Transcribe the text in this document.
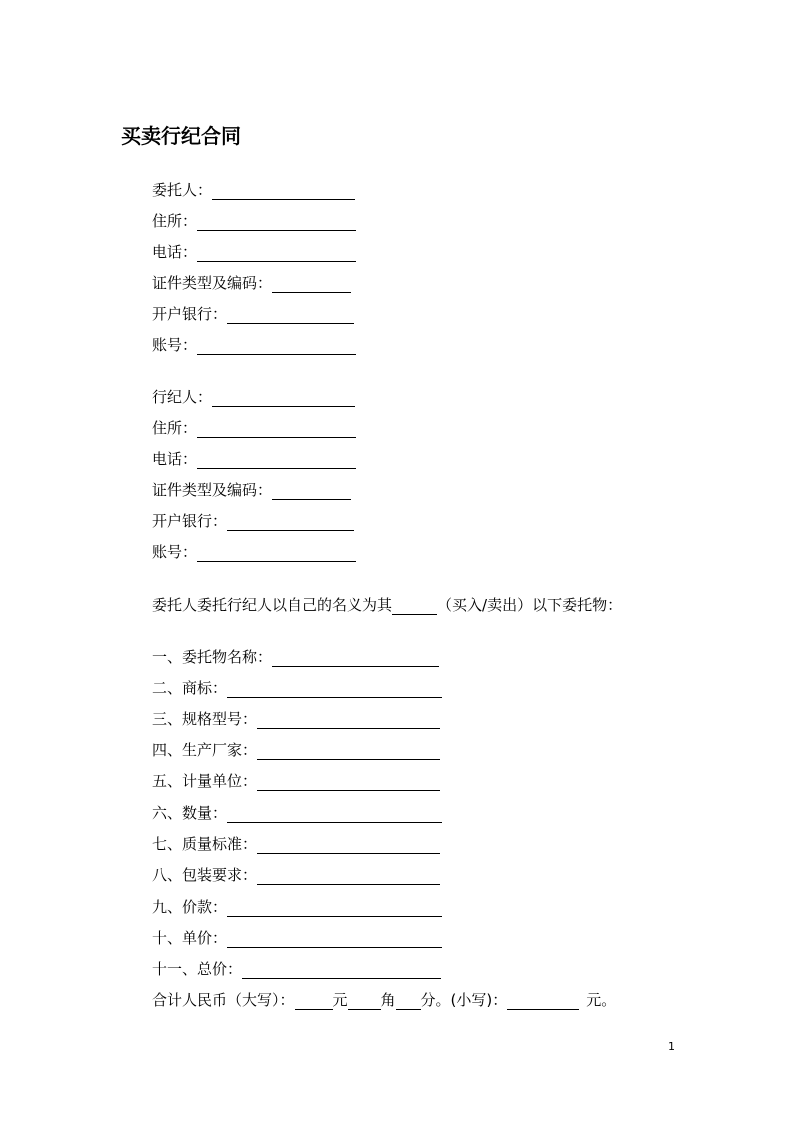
买卖行纪合同
委托人：
住所：
电话：
证件类型及编码：
开户银行：
账号：
行纪人：
住所：
电话：
证件类型及编码：
开户银行：
账号：
委托人委托行纪人以自己的名义为其	（买入/卖出）以下委托物：
一、委托物名称：
二、商标：
三、规格型号：
四、生产厂家：
五、计量单位：
六、数量：
七、质量标准：
八、包装要求：
九、价款：
十、单价：
十一、总价：
合计人民币（大写）：	元 角 分。(小写)：	元。
1
